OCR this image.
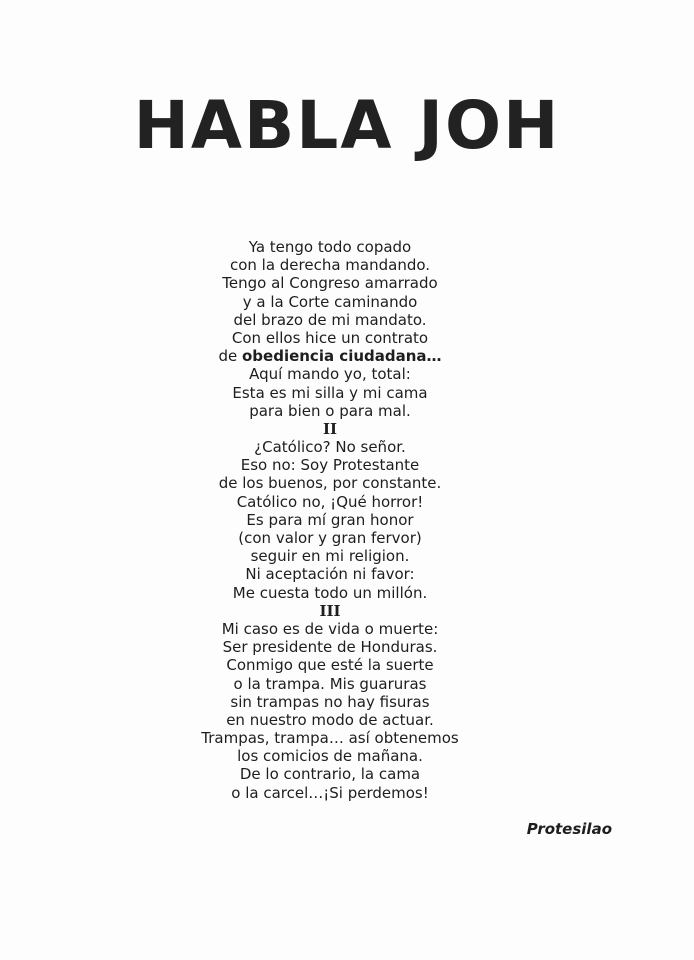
HABLA JOH
Ya tengo todo copado
con la derecha mandando.
Tengo al Congreso amarrado
y a la Corte caminando
del brazo de mi mandato.
Con ellos hice un contrato
de obediencia ciudadana…
Aquí mando yo, total:
Esta es mi silla y mi cama
para bien o para mal.
II
¿Católico? No señor.
Eso no: Soy Protestante
de los buenos, por constante.
Católico no, ¡Qué horror!
Es para mí gran honor
(con valor y gran fervor)
seguir en mi religion.
Ni aceptación ni favor:
Me cuesta todo un millón.
III
Mi caso es de vida o muerte:
Ser presidente de Honduras.
Conmigo que esté la suerte
o la trampa. Mis guaruras
sin trampas no hay fisuras
en nuestro modo de actuar.
Trampas, trampa… así obtenemos
los comicios de mañana.
De lo contrario, la cama
o la carcel…¡Si perdemos!
Protesilao
